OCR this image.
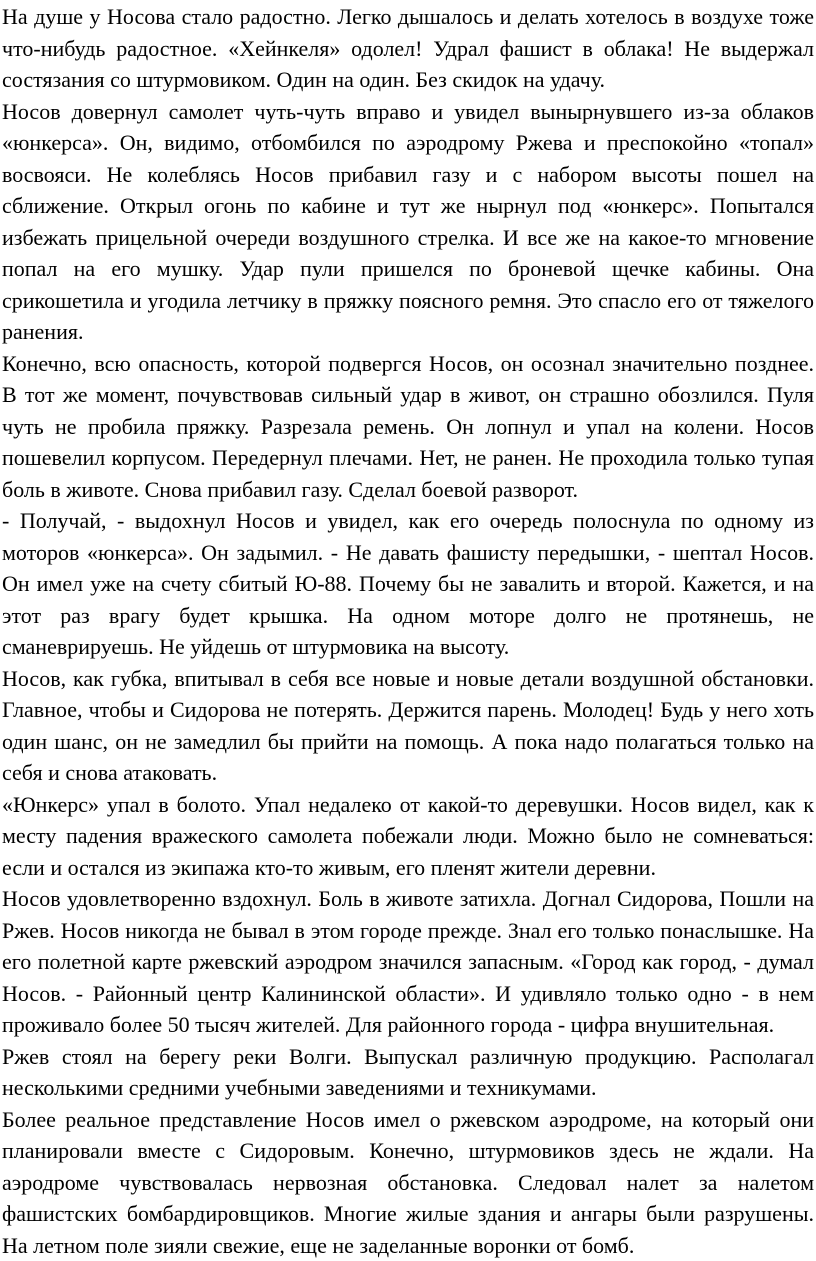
На душе у Носова стало радостно. Легко дышалось и делать хотелось в воздухе тоже что-нибудь радостное. «Хейнкеля» одолел! Удрал фашист в облака! Не выдержал состязания со штурмовиком. Один на один. Без скидок на удачу.

Носов довернул самолет чуть-чуть вправо и увидел вынырнувшего из-за облаков «юнкерса». Он, видимо, отбомбился по аэродрому Ржева и преспокойно «топал» восвояси. Не колеблясь Носов прибавил газу и с набором высоты пошел на сближение. Открыл огонь по кабине и тут же нырнул под «юнкерс». Попытался избежать прицельной очереди воздушного стрелка. И все же на какое-то мгновение попал на его мушку. Удар пули пришелся по броневой щечке кабины. Она срикошетила и угодила летчику в пряжку поясного ремня. Это спасло его от тяжелого ранения.

Конечно, всю опасность, которой подвергся Носов, он осознал значительно позднее. В тот же момент, почувствовав сильный удар в живот, он страшно обозлился. Пуля чуть не пробила пряжку. Разрезала ремень. Он лопнул и упал на колени. Носов пошевелил корпусом. Передернул плечами. Нет, не ранен. Не проходила только тупая боль в животе. Снова прибавил газу. Сделал боевой разворот.

- Получай, - выдохнул Носов и увидел, как его очередь полоснула по одному из моторов «юнкерса». Он задымил. - Не давать фашисту передышки, - шептал Носов. Он имел уже на счету сбитый Ю-88. Почему бы не завалить и второй. Кажется, и на этот раз врагу будет крышка. На одном моторе долго не протянешь, не сманеврируешь. Не уйдешь от штурмовика на высоту.

Носов, как губка, впитывал в себя все новые и новые детали воздушной обстановки. Главное, чтобы и Сидорова не потерять. Держится парень. Молодец! Будь у него хоть один шанс, он не замедлил бы прийти на помощь. А пока надо полагаться только на себя и снова атаковать.

«Юнкерс» упал в болото. Упал недалеко от какой-то деревушки. Носов видел, как к месту падения вражеского самолета побежали люди. Можно было не сомневаться: если и остался из экипажа кто-то живым, его пленят жители деревни.

Носов удовлетворенно вздохнул. Боль в животе затихла. Догнал Сидорова, Пошли на Ржев. Носов никогда не бывал в этом городе прежде. Знал его только понаслышке. На его полетной карте ржевский аэродром значился запасным. «Город как город, - думал Носов. - Районный центр Калининской области». И удивляло только одно - в нем проживало более 50 тысяч жителей. Для районного города - цифра внушительная.

Ржев стоял на берегу реки Волги. Выпускал различную продукцию. Располагал несколькими средними учебными заведениями и техникумами.

Более реальное представление Носов имел о ржевском аэродроме, на который они планировали вместе с Сидоровым. Конечно, штурмовиков здесь не ждали. На аэродроме чувствовалась нервозная обстановка. Следовал налет за налетом фашистских бомбардировщиков. Многие жилые здания и ангары были разрушены. На летном поле зияли свежие, еще не заделанные воронки от бомб.
